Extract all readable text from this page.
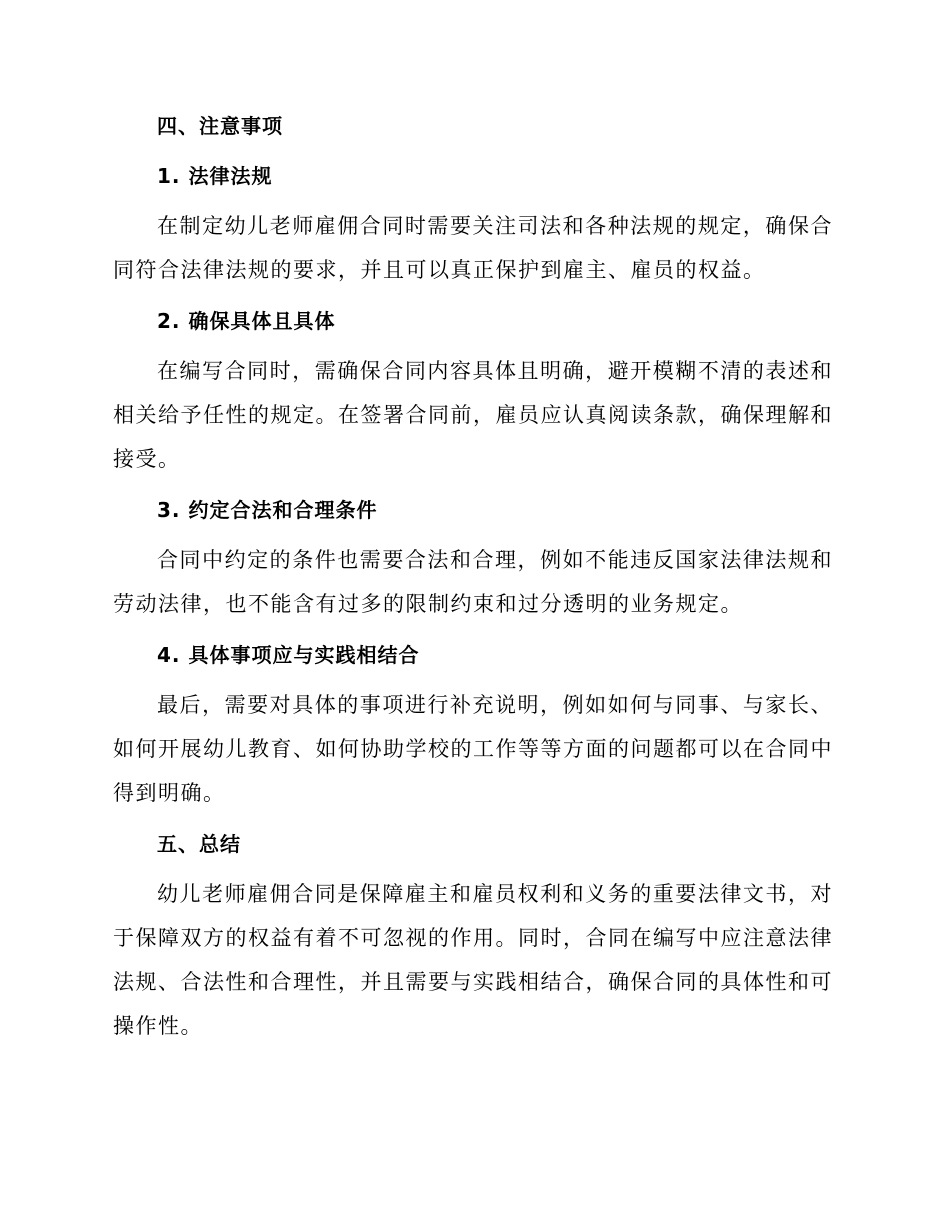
四、注意事项
1. 法律法规

在制定幼儿老师雇佣合同时需要关注司法和各种法规的规定，确保合同符合法律法规的要求，并且可以真正保护到雇主、雇员的权益。

2. 确保具体且具体

在编写合同时，需确保合同内容具体且明确，避开模糊不清的表述和相关给予任性的规定。在签署合同前，雇员应认真阅读条款，确保理解和接受。

3. 约定合法和合理条件

合同中约定的条件也需要合法和合理，例如不能违反国家法律法规和劳动法律，也不能含有过多的限制约束和过分透明的业务规定。

4. 具体事项应与实践相结合

最后，需要对具体的事项进行补充说明，例如如何与同事、与家长、如何开展幼儿教育、如何协助学校的工作等等方面的问题都可以在合同中得到明确。

五、总结

幼儿老师雇佣合同是保障雇主和雇员权利和义务的重要法律文书，对于保障双方的权益有着不可忽视的作用。同时，合同在编写中应注意法律法规、合法性和合理性，并且需要与实践相结合，确保合同的具体性和可操作性。
